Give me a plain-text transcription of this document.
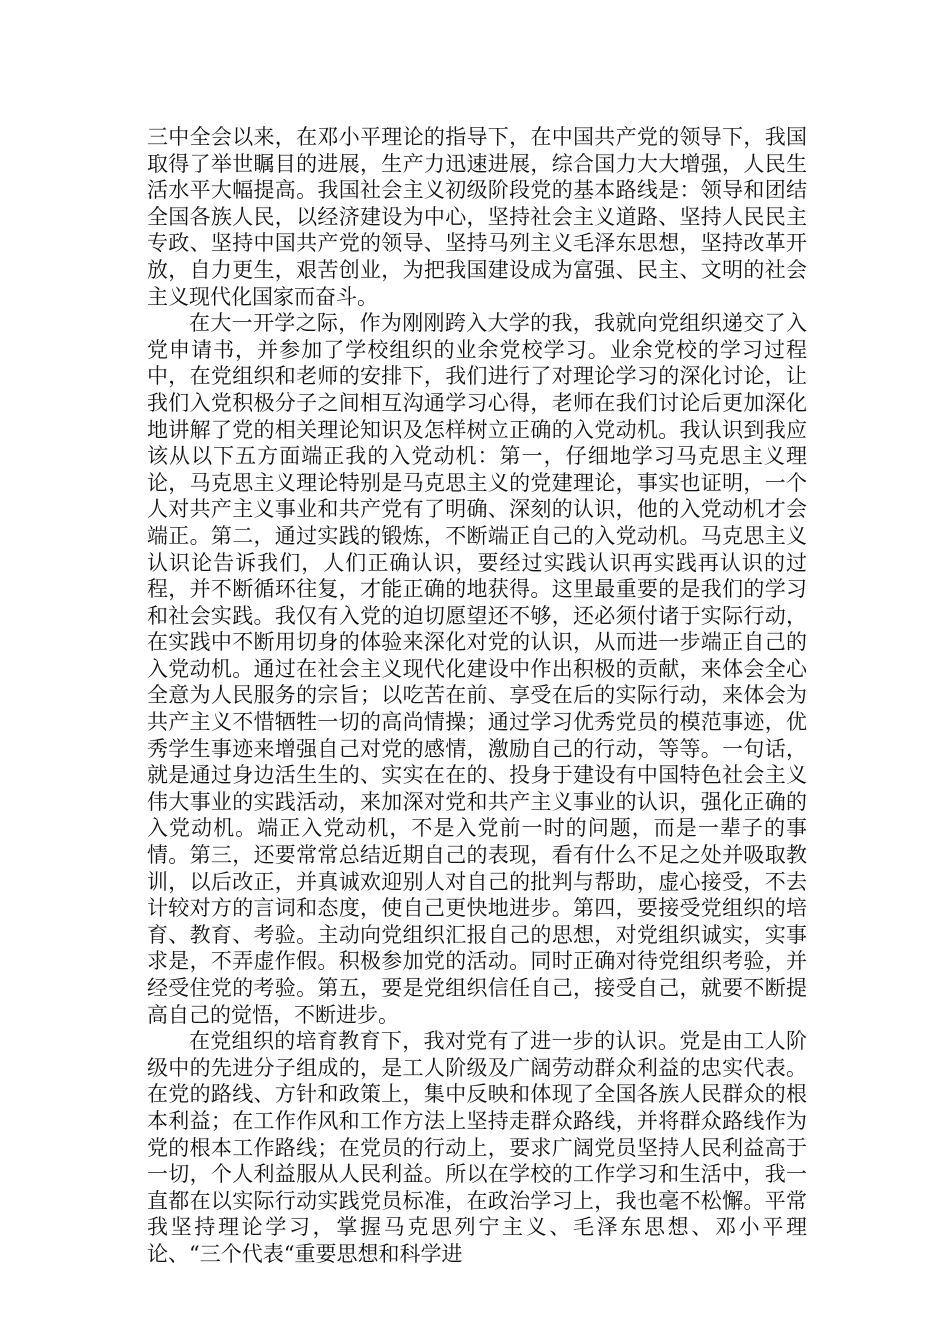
三中全会以来，在邓小平理论的指导下，在中国共产党的领导下，我国取得了举世瞩目的进展，生产力迅速进展，综合国力大大增强，人民生活水平大幅提高。我国社会主义初级阶段党的基本路线是：领导和团结全国各族人民，以经济建设为中心，坚持社会主义道路、坚持人民民主专政、坚持中国共产党的领导、坚持马列主义毛泽东思想，坚持改革开放，自力更生，艰苦创业，为把我国建设成为富强、民主、文明的社会主义现代化国家而奋斗。

在大一开学之际，作为刚刚跨入大学的我，我就向党组织递交了入党申请书，并参加了学校组织的业余党校学习。业余党校的学习过程中，在党组织和老师的安排下，我们进行了对理论学习的深化讨论，让我们入党积极分子之间相互沟通学习心得，老师在我们讨论后更加深化地讲解了党的相关理论知识及怎样树立正确的入党动机。我认识到我应该从以下五方面端正我的入党动机：第一，仔细地学习马克思主义理论，马克思主义理论特别是马克思主义的党建理论，事实也证明，一个人对共产主义事业和共产党有了明确、深刻的认识，他的入党动机才会端正。第二，通过实践的锻炼，不断端正自己的入党动机。马克思主义认识论告诉我们，人们正确认识，要经过实践认识再实践再认识的过程，并不断循环往复，才能正确的地获得。这里最重要的是我们的学习和社会实践。我仅有入党的迫切愿望还不够，还必须付诸于实际行动，在实践中不断用切身的体验来深化对党的认识，从而进一步端正自己的入党动机。通过在社会主义现代化建设中作出积极的贡献，来体会全心全意为人民服务的宗旨；以吃苦在前、享受在后的实际行动，来体会为共产主义不惜牺牲一切的高尚情操；通过学习优秀党员的模范事迹，优秀学生事迹来增强自己对党的感情，激励自己的行动，等等。一句话，就是通过身边活生生的、实实在在的、投身于建设有中国特色社会主义伟大事业的实践活动，来加深对党和共产主义事业的认识，强化正确的入党动机。端正入党动机，不是入党前一时的问题，而是一辈子的事情。第三，还要常常总结近期自己的表现，看有什么不足之处并吸取教训，以后改正，并真诚欢迎别人对自己的批判与帮助，虚心接受，不去计较对方的言词和态度，使自己更快地进步。第四，要接受党组织的培育、教育、考验。主动向党组织汇报自己的思想，对党组织诚实，实事求是，不弄虚作假。积极参加党的活动。同时正确对待党组织考验，并经受住党的考验。第五，要是党组织信任自己，接受自己，就要不断提高自己的觉悟，不断进步。

在党组织的培育教育下，我对党有了进一步的认识。党是由工人阶级中的先进分子组成的，是工人阶级及广阔劳动群众利益的忠实代表。在党的路线、方针和政策上，集中反映和体现了全国各族人民群众的根本利益；在工作作风和工作方法上坚持走群众路线，并将群众路线作为党的根本工作路线；在党员的行动上，要求广阔党员坚持人民利益高于一切，个人利益服从人民利益。所以在学校的工作学习和生活中，我一直都在以实际行动实践党员标准，在政治学习上，我也毫不松懈。平常我坚持理论学习，掌握马克思列宁主义、毛泽东思想、邓小平理论、“三个代表“重要思想和科学进
